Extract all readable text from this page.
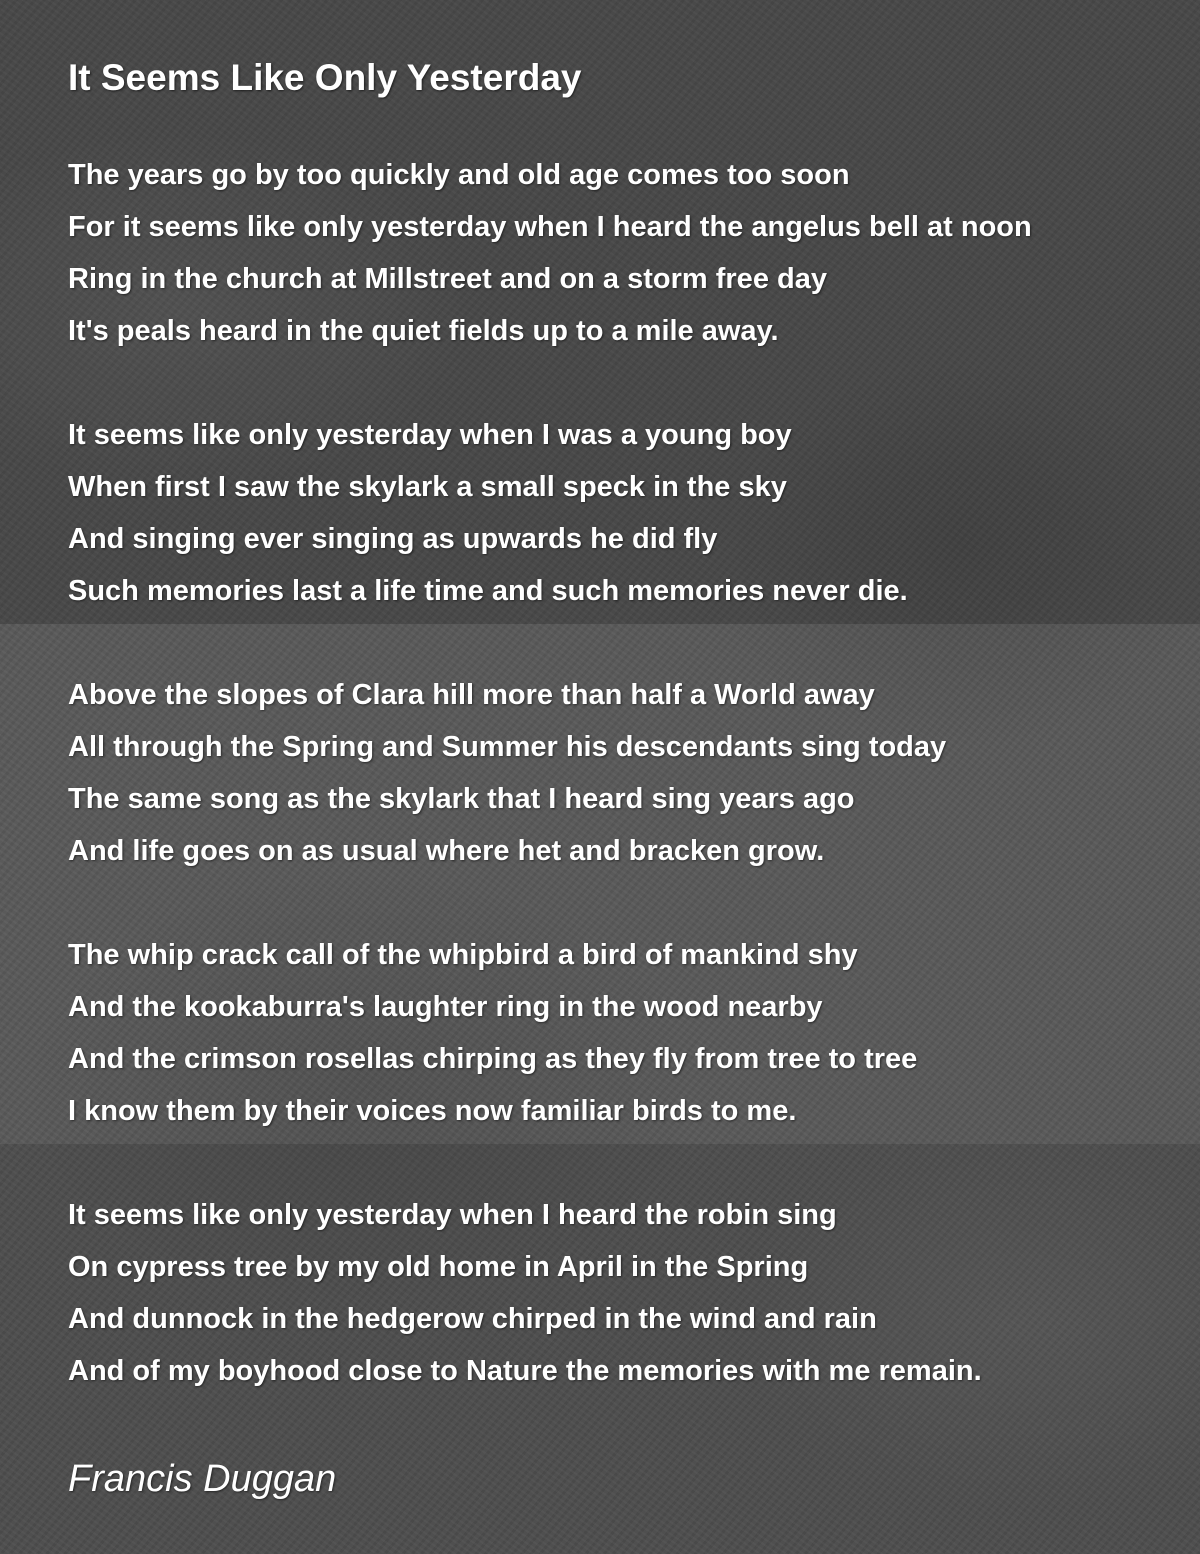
It Seems Like Only Yesterday
The years go by too quickly and old age comes too soon
For it seems like only yesterday when I heard the angelus bell at noon
Ring in the church at Millstreet and on a storm free day
It's peals heard in the quiet fields up to a mile away.
It seems like only yesterday when I was a young boy
When first I saw the skylark a small speck in the sky
And singing ever singing as upwards he did fly
Such memories last a life time and such memories never die.
Above the slopes of Clara hill more than half a World away
All through the Spring and Summer his descendants sing today
The same song as the skylark that I heard sing years ago
And life goes on as usual where het and bracken grow.
The whip crack call of the whipbird a bird of mankind shy
And the kookaburra's laughter ring in the wood nearby
And the crimson rosellas chirping as they fly from tree to tree
I know them by their voices now familiar birds to me.
It seems like only yesterday when I heard the robin sing
On cypress tree by my old home in April in the Spring
And dunnock in the hedgerow chirped in the wind and rain
And of my boyhood close to Nature the memories with me remain.

Francis Duggan
